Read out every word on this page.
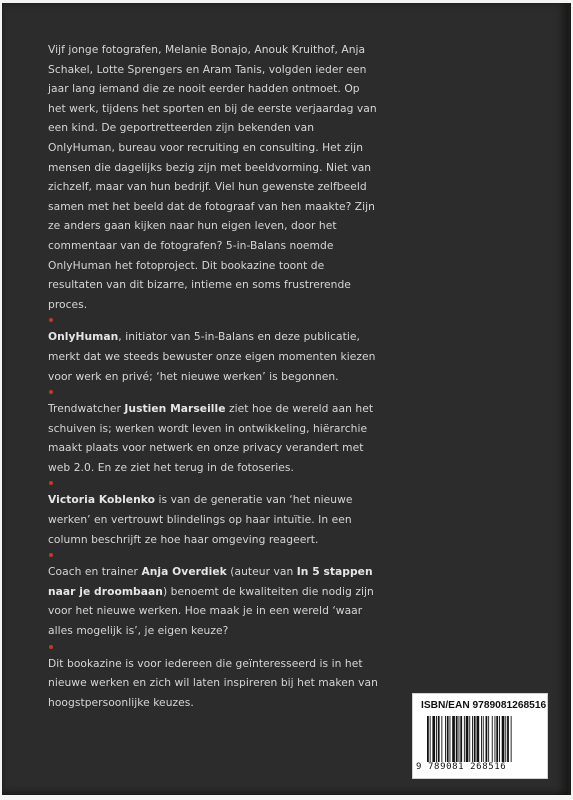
Vijf jonge fotografen, Melanie Bonajo, Anouk Kruithof, Anja Schakel, Lotte Sprengers en Aram Tanis, volgden ieder een jaar lang iemand die ze nooit eerder hadden ontmoet. Op het werk, tijdens het sporten en bij de eerste verjaardag van een kind. De geportretteerden zijn bekenden van OnlyHuman, bureau voor recruiting en consulting. Het zijn mensen die dagelijks bezig zijn met beeldvorming. Niet van zichzelf, maar van hun bedrijf. Viel hun gewenste zelfbeeld samen met het beeld dat de fotograaf van hen maakte? Zijn ze anders gaan kijken naar hun eigen leven, door het commentaar van de fotografen? 5-in-Balans noemde OnlyHuman het fotoproject. Dit bookazine toont de resultaten van dit bizarre, intieme en soms frustrerende proces.

OnlyHuman, initiator van 5-in-Balans en deze publicatie, merkt dat we steeds bewuster onze eigen momenten kiezen voor werk en privé; ‘het nieuwe werken’ is begonnen.

Trendwatcher Justien Marseille ziet hoe de wereld aan het schuiven is; werken wordt leven in ontwikkeling, hiërarchie maakt plaats voor netwerk en onze privacy verandert met web 2.0. En ze ziet het terug in de fotoseries.

Victoria Koblenko is van de generatie van ‘het nieuwe werken’ en vertrouwt blindelings op haar intuïtie. In een column beschrijft ze hoe haar omgeving reageert.

Coach en trainer Anja Overdiek (auteur van In 5 stappen naar je droombaan) benoemt de kwaliteiten die nodig zijn voor het nieuwe werken. Hoe maak je in een wereld ‘waar alles mogelijk is’, je eigen keuze?

Dit bookazine is voor iedereen die geïnteresseerd is in het nieuwe werken en zich wil laten inspireren bij het maken van hoogstpersoonlijke keuzes.	ISBN/EAN 9789081268516
9 789081 268516
